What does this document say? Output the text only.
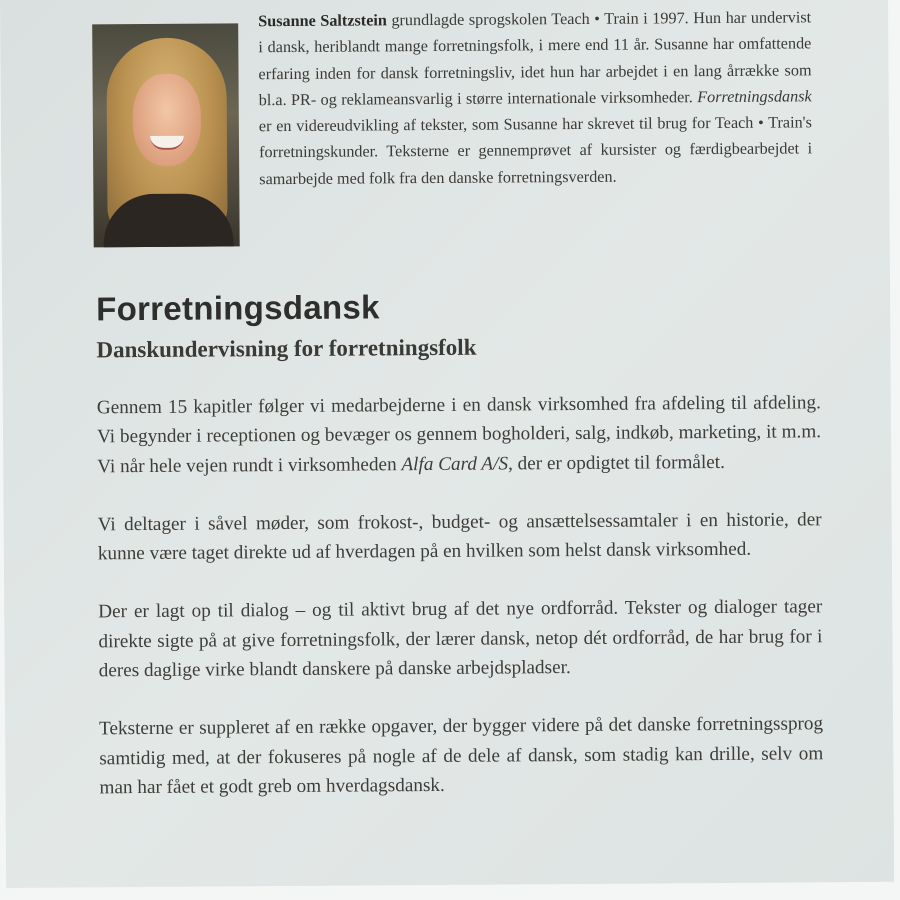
Susanne Saltzstein grundlagde sprogskolen Teach • Train i 1997. Hun har undervist i dansk, heriblandt mange forretningsfolk, i mere end 11 år. Susanne har omfattende erfaring inden for dansk forretningsliv, idet hun har arbejdet i en lang årrække som bl.a. PR- og reklameansvarlig i større internationale virksomheder. Forretningsdansk er en videreudvikling af tekster, som Susanne har skrevet til brug for Teach • Train's forretningskunder. Teksterne er gennemprøvet af kursister og færdigbearbejdet i samarbejde med folk fra den danske forretningsverden.
Forretningsdansk
Danskundervisning for forretningsfolk

Gennem 15 kapitler følger vi medarbejderne i en dansk virksomhed fra afdeling til afdeling. Vi begynder i receptionen og bevæger os gennem bogholderi, salg, indkøb, marketing, it m.m. Vi når hele vejen rundt i virksomheden Alfa Card A/S, der er opdigtet til formålet.

Vi deltager i såvel møder, som frokost-, budget- og ansættelsessamtaler i en historie, der kunne være taget direkte ud af hverdagen på en hvilken som helst dansk virksomhed.

Der er lagt op til dialog – og til aktivt brug af det nye ordforråd. Tekster og dialoger tager direkte sigte på at give forretningsfolk, der lærer dansk, netop dét ordforråd, de har brug for i deres daglige virke blandt danskere på danske arbejdspladser.

Teksterne er suppleret af en række opgaver, der bygger videre på det danske forretningssprog samtidig med, at der fokuseres på nogle af de dele af dansk, som stadig kan drille, selv om man har fået et godt greb om hverdagsdansk.
